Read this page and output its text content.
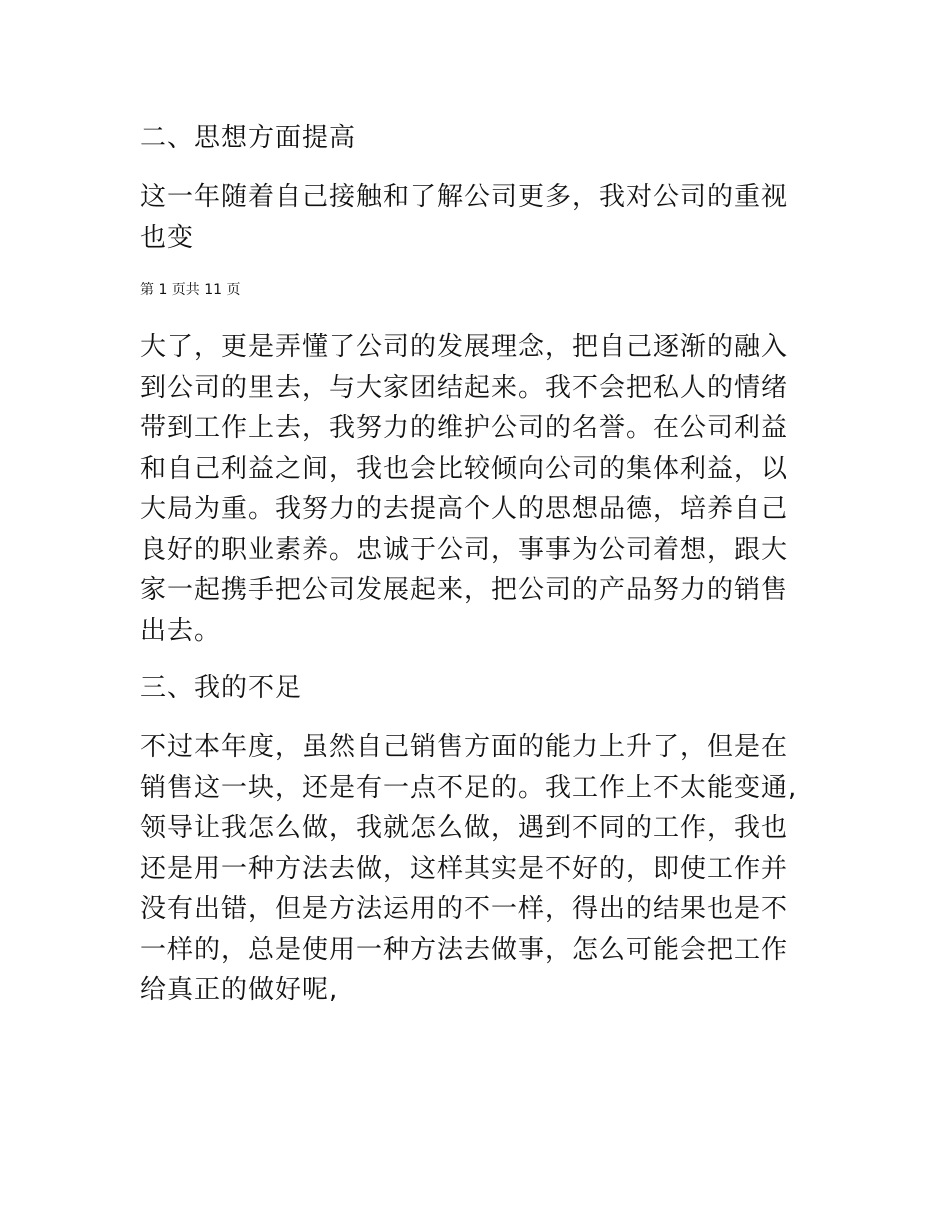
二、思想方面提高
这一年随着自己接触和了解公司更多，我对公司的重视
也变
第 1 页共 11 页
大了，更是弄懂了公司的发展理念，把自己逐渐的融入
到公司的里去，与大家团结起来。我不会把私人的情绪
带到工作上去，我努力的维护公司的名誉。在公司利益
和自己利益之间，我也会比较倾向公司的集体利益，以
大局为重。我努力的去提高个人的思想品德，培养自己
良好的职业素养。忠诚于公司，事事为公司着想，跟大
家一起携手把公司发展起来，把公司的产品努力的销售
出去。
三、我的不足
不过本年度，虽然自己销售方面的能力上升了，但是在
销售这一块，还是有一点不足的。我工作上不太能变通,
领导让我怎么做，我就怎么做，遇到不同的工作，我也
还是用一种方法去做，这样其实是不好的，即使工作并
没有出错，但是方法运用的不一样，得出的结果也是不
一样的，总是使用一种方法去做事，怎么可能会把工作
给真正的做好呢,
